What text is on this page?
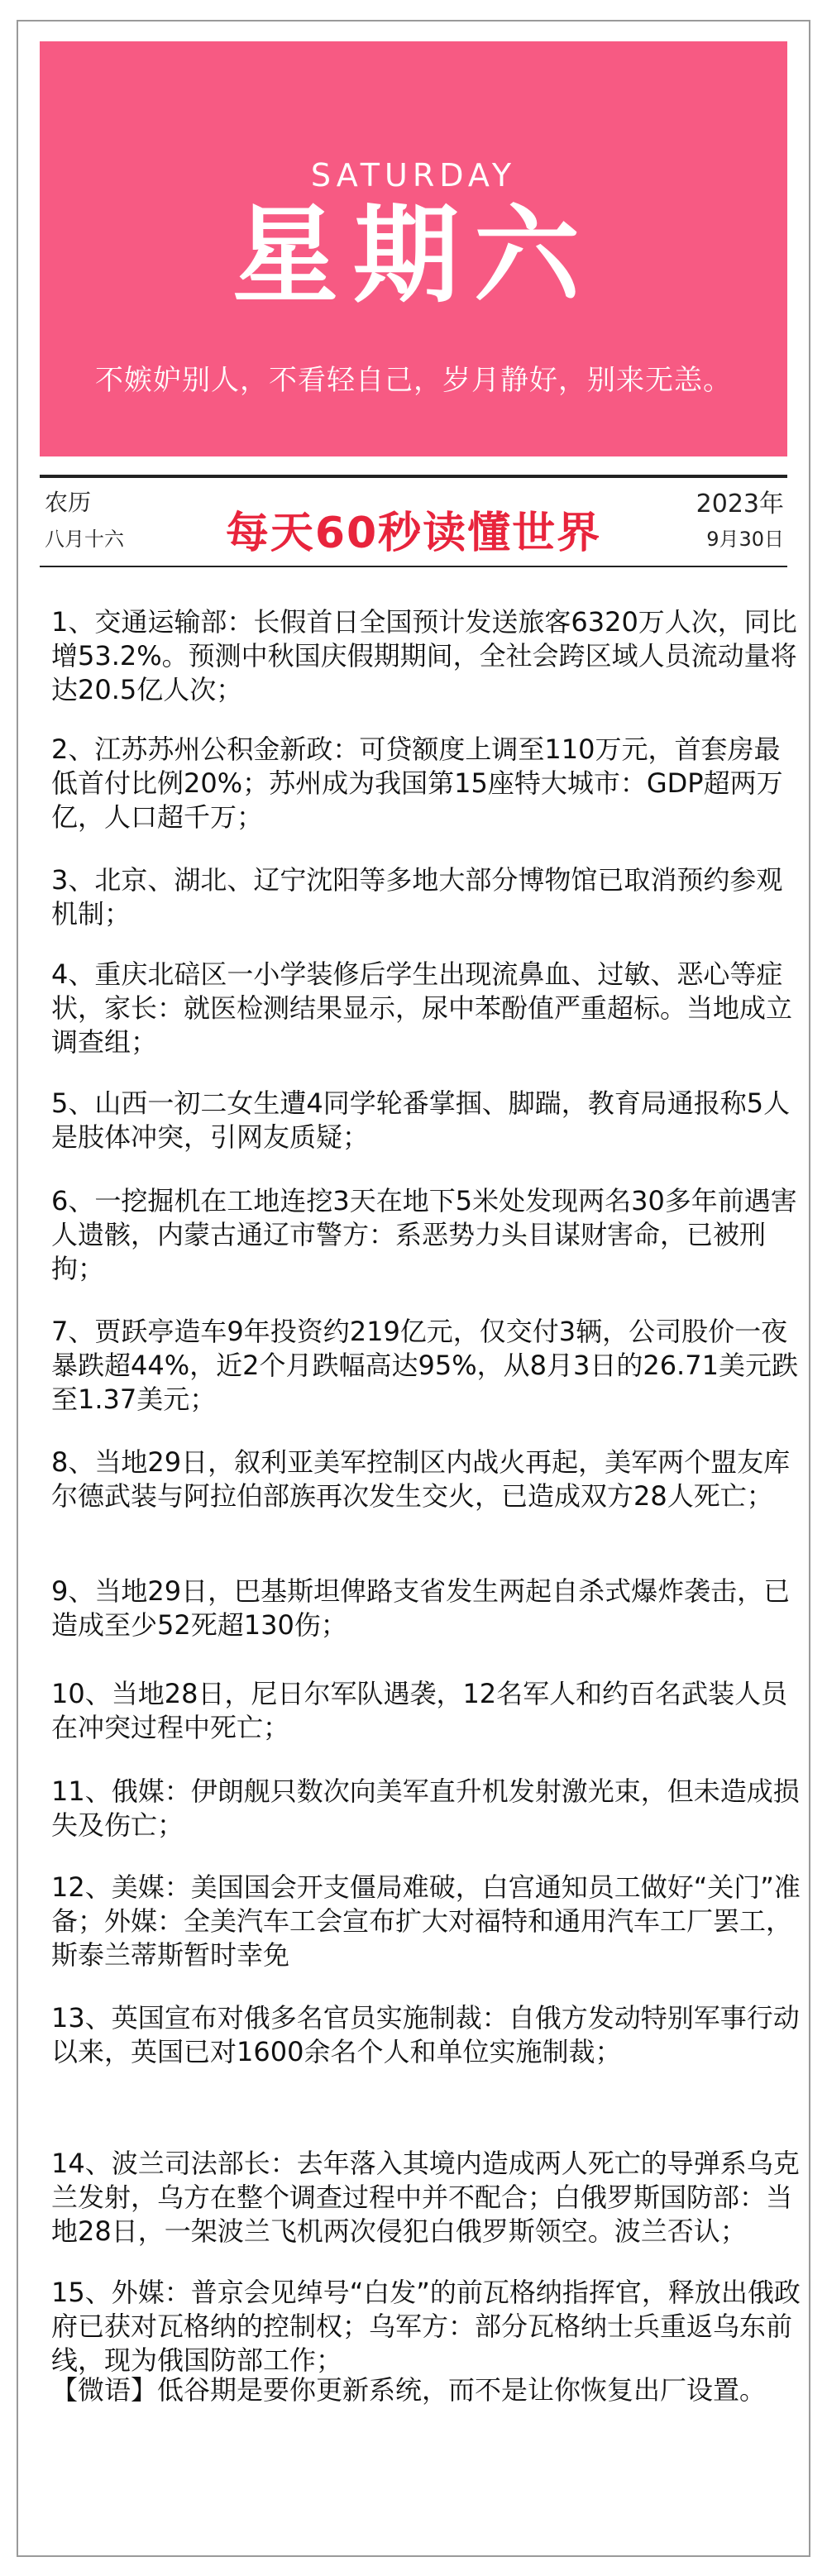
SATURDAY
星期六
不嫉妒别人，不看轻自己，岁月静好，别来无恙。
农历
八月十六	每天60秒读懂世界
2023年
9月30日
1、交通运输部：长假首日全国预计发送旅客6320万人次，同比增53.2%。预测中秋国庆假期期间，全社会跨区域人员流动量将达20.5亿人次；
2、江苏苏州公积金新政：可贷额度上调至110万元，首套房最低首付比例20%；苏州成为我国第15座特大城市：GDP超两万亿，人口超千万；
3、北京、湖北、辽宁沈阳等多地大部分博物馆已取消预约参观机制；
4、重庆北碚区一小学装修后学生出现流鼻血、过敏、恶心等症状，家长：就医检测结果显示，尿中苯酚值严重超标。当地成立调查组；
5、山西一初二女生遭4同学轮番掌掴、脚踹，教育局通报称5人是肢体冲突，引网友质疑；
6、一挖掘机在工地连挖3天在地下5米处发现两名30多年前遇害人遗骸，内蒙古通辽市警方：系恶势力头目谋财害命，已被刑拘；
7、贾跃亭造车9年投资约219亿元，仅交付3辆，公司股价一夜暴跌超44%，近2个月跌幅高达95%，从8月3日的26.71美元跌至1.37美元；
8、当地29日，叙利亚美军控制区内战火再起，美军两个盟友库尔德武装与阿拉伯部族再次发生交火，已造成双方28人死亡；
9、当地29日，巴基斯坦俾路支省发生两起自杀式爆炸袭击，已造成至少52死超130伤；
10、当地28日，尼日尔军队遇袭，12名军人和约百名武装人员在冲突过程中死亡；
11、俄媒：伊朗舰只数次向美军直升机发射激光束，但未造成损失及伤亡；
12、美媒：美国国会开支僵局难破，白宫通知员工做好“关门”准备；外媒：全美汽车工会宣布扩大对福特和通用汽车工厂罢工，斯泰兰蒂斯暂时幸免
13、英国宣布对俄多名官员实施制裁：自俄方发动特别军事行动以来，英国已对1600余名个人和单位实施制裁；
14、波兰司法部长：去年落入其境内造成两人死亡的导弹系乌克兰发射，乌方在整个调查过程中并不配合；白俄罗斯国防部：当地28日，一架波兰飞机两次侵犯白俄罗斯领空。波兰否认；
15、外媒：普京会见绰号“白发”的前瓦格纳指挥官，释放出俄政府已获对瓦格纳的控制权；乌军方：部分瓦格纳士兵重返乌东前线，现为俄国防部工作；
【微语】低谷期是要你更新系统，而不是让你恢复出厂设置。
